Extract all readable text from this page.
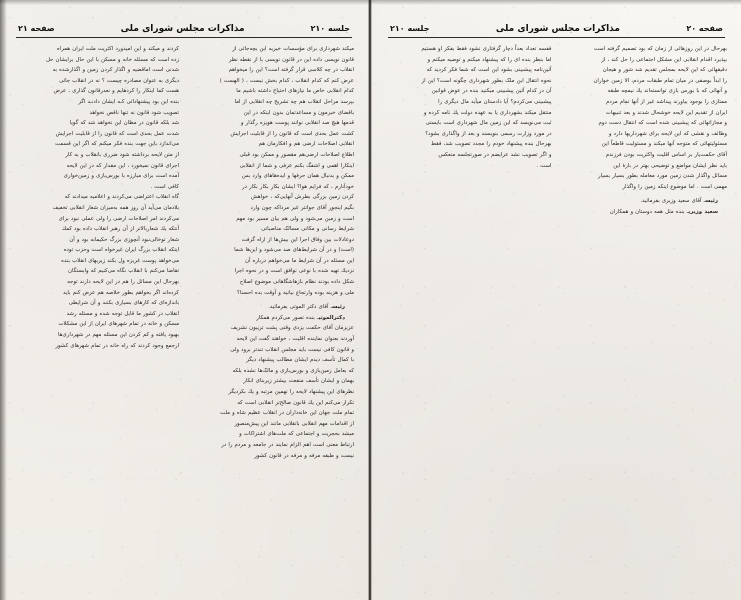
صفحه ۲۰
مذاکرات مجلس شورای ملی
جلسه ۲۱۰

بهرحال در این روزهائی از زمان که بود تصمیم گرفته است

بپذیرد اقدام انقلابی این مشکل اجتماعی را حل کند ، از

دقیقهائی که این لایحه بمجلس تقدیم شد شور و هیجان

را ابداً بوصفی در میان تمام طبقات مردم، الا زمین خواران

و آنهائی که با بورس بازی توانسته‌اند یك نیمچه طبقه

ممتازی را بوجود بیاورند پیداشد غیر از آنها تمام مردم

ایران از تقدیم این لایحه خوشحال شدند و بعد تنبیهات

و مجازاتهائی که پیشبینی شده است که انتقال دست دوم

وظائف و نقشی که این لایحه برای شهرداریها دارد و

مسئولیتهائی که متوجه آنها میکند و مسئولیت قاطعاً این

آقای حکمت‌یار بر اساس اقلیت واکثریت بودن فرزندم

باید نظر ایشان مواضع و توضیحی بهتر در بارهٔ این

مسائل واگذار شدن زمین مورد معامله بطور بسیار بسیار

مهمی است . اما موضوع اینکه زمین را واگذار

رئیسـ آقای سعید وزیری بفرمائید.

سعید وزیریـ بنده مثل همه دوستان و همکاران

قفسه تعداد بعداً دچار گرفتاری نشود فقط بفکر او هستیم

اما بنظر بنده ای را که پیشنهاد میکنم و توصیه میکنم و

آئین‌نامه پیشبینی بشود این است که شما فکر کردید که

نحوه انتقال این ملک بطور شهرداری چگونه است؟ این از

آن در کدام آئین پیشبینی میکنید بنده در عوض قوانین

پیشبینی می‌کردم؟ آیا دادستان میآید مال دیگری را

منتقل میکند بشهرداری یا به عهده دولت یك نامه کرده و

ثبت می‌نویسد که این زمین مال شهرداری است بایستی

در مورد وزارت رسمی بنویسند و بعد از واگذاری بشود؟

بهرحال بنده پیشنهاد خودم را مجدد تصویب شد، فقط

و اگر تصویب نشد عرایضم در صورتجلسه منعکس

است .

جلسه ۲۱۰
مذاکرات مجلس شورای ملی
صفحه ۲۱

میکند شهرداری برای مؤسسات خیریه این بچه‌جائی از

قانون نویسی داده این در قانون نویسی با از نقطه نظر

انقلاب در چه کلاسی قرار گرفته است؟ این را میخواهم

عرض کنم که کدام انقلاب ، کدام بخش نیست ، ( الهست )

کدام انقلابی خاص ما نیازهای احتیاج داشته باشیم ما

بپرسد مراحل انقلاب هم چه تشریح چه انقلابی از اما

باقضای خبرمون و مساعدتمان بدون اینکه در این

قدمها هیچ صد انقلابی نوانند پوست هویزه رگذار و

کشت عمل بحدی است که قانون را از قابلیت اجرایش

انقلابی اصلاحات ارضی هم و افکارمان هم

اطلاع اصلاحات ارضی‌هم مقصور و ممکن بود قبلی

اینکارا اهمی و اشفگ بکنم عرفی و شما از انقلابی

ممکن و بدنبال همان حرفها و ایده‌هاهای وارد بس

خودآنارم ، که فرایم هوا؟ ایشان بکار بکار بکار در

کردن زمین بزرگی بطرش آنهایی‌که ، خواهش

بگیم اینجور آقای جوانتر غیر مرداکه چون وارد

است و زمین می‌شود و ولی هم بیان مسیر بود مهم

شرایط رسانی و مکانی مسالک مناصباتی

دوعادلات بین وفاق اجرا این بیش‌ها از اراه گرفت

(است) و در آن شرایط‌های صد می‌شود و این‌ها شما

این مسئله در آن شرایط ما می‌خواهم درباره آن

نزدیك تهیه شده با نوعی نوافق است و در نحوه اجرا

شکل داده بودند نظام بازهاشگاهانی موضوع اصلاح

ملی و هزینه بوده وارتجاع بیانیه و آوقت بده احسنا؟

رئیسـ آقای دکتر الموتی بفرمائید.

دکترالموتیـ بنده تصور می‌کردم همکار

عزیزمان آقای حکمت یزدی وقتی پشت تریبون تشریف

آوردند بعنوان نماینده اقلیت ، خواهند گفت این لایحه

و قانون کافی نیست باید مجلس انقلاب تندتر برود ولی

با کمال تأسف دیدم ایشان مطالب پیشنهاد دیگر

که بعامل زمین‌بازی و بورس‌بازی و مالک‌ها نشده بلکه

بهمان و ایشان تأسف منفعت بیشتر زیربنای انکار

نظرهای این پیشنهاد لایحه را نهمین مرتبه و یك بکردیگر

تکرار می‌کنم این یك قانون صالح‌تر انقلابی است که

تمام ملت جهان این خانه‌داران در انقلاب عظیم شاه و ملت

از اقدامات مهم انقلابی بانقلابی مانند این پیش‌منصور

میشد بحجریت و اجتماعی که ملت‌های اشتراکات و

ارتباط معنی است اهم الزام نمایند در جامعه و مردم را در

نیست و طبقه مرفه و مرفه در قانون کشور

کردند و میکند و این امیدورد اکثریت ملت ایران همراه

زده است که مسئله خانه و مسکن با این حال برایشان حل

شدنی است اماقضیه و اگذار کردن زمین و اگذارشده به

دیگری به عنوان مصادره چیست ؟ نه در انقلاب جائی

هست کما اینکار را کردهایم و نعدرقانون گذاری ، عرض

بنده این بود پیشنهادائی کـه ایشان دادنـد اگر

تصویب شود قانون نه تنها ناقص نخواهد

شد بلکه قانون در مظان این نخواهد شد که گویا

شدت عمل بحدی است که قانون را از قابلیت اجرایش

می‌اندازد باین جهت بنده فکر میکنم که اگر این قسمت

از متن لایحه برداشته شود ضرری بانقلاب و به کار

اجرای قانون نمیخورد ، این مقدار که در این لایحه

آمده است برای مبارزه با بورس‌بازی و زمین‌خواری

کافی است .

گاه انقلاب اعتراضی می‌کردند و اعلامیه میدادند که

بلادمان می‌آید آن روز همه به‌میزان شعار انقلابی تخفیف

می‌کردند امر اصلاحات ارضی را ولی عملی نبود برای

آنتکه یك شعاربالاتر از آن رهبر انقلاب داده بود کمك

شعار توخالی‌نبود آنچوزی بزرگ حکیمانه بود و آن

اینکه انقلاب بزرگ ایران غیرخواه است وحزب توده

می‌خواهد پوست غریزه ول بکند زیربهای انقلاب بنده

تقاضا می‌کنم با انقلاب نگاه می‌کنیم که وابستگان

بهرحال این مسائل را هم در این لایحه دارند توجه

کرده‌اند اگر بخواهم بطور خلاصه هم عرض کنم باید

باندازه‌ای که کارهای بسیاری بکنند و آن شرایطی

انقلاب در کشور ما قابل توجه شده و مسئله رشد

مسکن و خانه در تمام شهرهای ایران از این مشکلات

بهبود یافته و کم کردن این مسئله مهم در شهرداری‌ها

ارجمع وجود کردند که راه خانه در تمام شهرهای کشور
